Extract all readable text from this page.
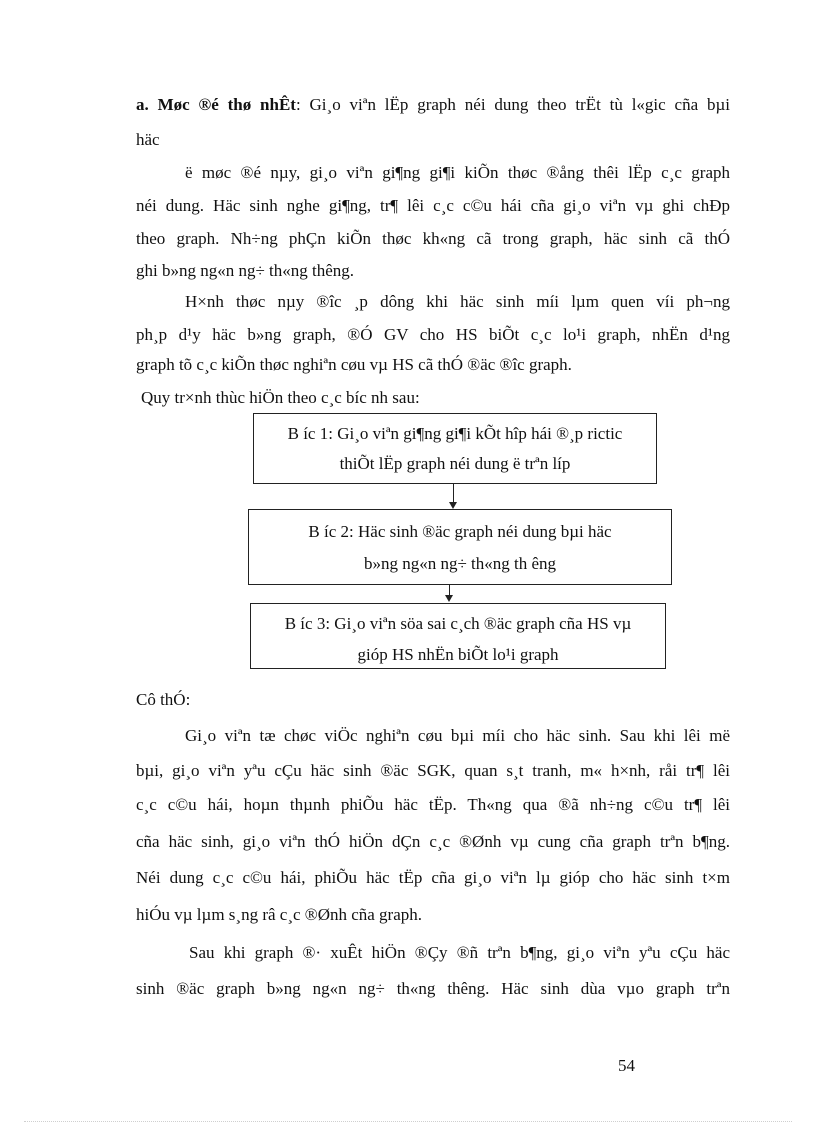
a. Møc ®é thø nhÊt: Gi¸o viªn lËp graph néi dung theo trËt tù l«gic cña bµi
häc
ë møc ®é nµy, gi¸o viªn gi¶ng gi¶i kiÕn thøc ®ång thêi lËp c¸c graph
néi dung. Häc sinh nghe gi¶ng, tr¶ lêi c¸c c©u hái cña gi¸o viªn vµ ghi chÐp
theo graph. Nh÷ng phÇn kiÕn thøc kh«ng cã trong graph, häc sinh cã thÓ
ghi b»ng ng«n ng÷ th«ng thêng.
H×nh thøc nµy ®îc ¸p dông khi häc sinh míi lµm quen víi ph¬ng
ph¸p d¹y häc b»ng graph, ®Ó GV cho HS biÕt c¸c lo¹i graph, nhËn d¹ng
graph tõ c¸c kiÕn thøc nghiªn cøu vµ HS cã thÓ ®äc ®îc graph.
Quy tr×nh thùc hiÖn theo c¸c bíc nh sau:
B íc 1: Gi¸o viªn gi¶ng gi¶i kÕt hîp hái ®¸p rictic
thiÕt lËp graph néi dung ë trªn líp
B íc 2: Häc sinh ®äc graph néi dung bµi häc
b»ng ng«n ng÷ th«ng th êng
B íc 3: Gi¸o viªn söa sai c¸ch ®äc graph cña HS vµ
gióp HS nhËn biÕt lo¹i graph
Cô thÓ:
Gi¸o viªn tæ chøc viÖc nghiªn cøu bµi míi cho häc sinh. Sau khi lêi më
bµi, gi¸o viªn yªu cÇu häc sinh ®äc SGK, quan s¸t tranh, m« h×nh, råi tr¶ lêi
c¸c c©u hái, hoµn thµnh phiÕu häc tËp. Th«ng qua ®ã nh÷ng c©u tr¶ lêi
cña häc sinh, gi¸o viªn thÓ hiÖn dÇn c¸c ®Ønh vµ cung cña graph trªn b¶ng.
Néi dung c¸c c©u hái, phiÕu häc tËp cña gi¸o viªn lµ gióp cho häc sinh t×m
hiÓu vµ lµm s¸ng râ c¸c ®Ønh cña graph.
Sau khi graph ®· xuÊt hiÖn ®Çy ®ñ trªn b¶ng, gi¸o viªn yªu cÇu häc
sinh ®äc graph b»ng ng«n ng÷ th«ng thêng. Häc sinh dùa vµo graph trªn
54
